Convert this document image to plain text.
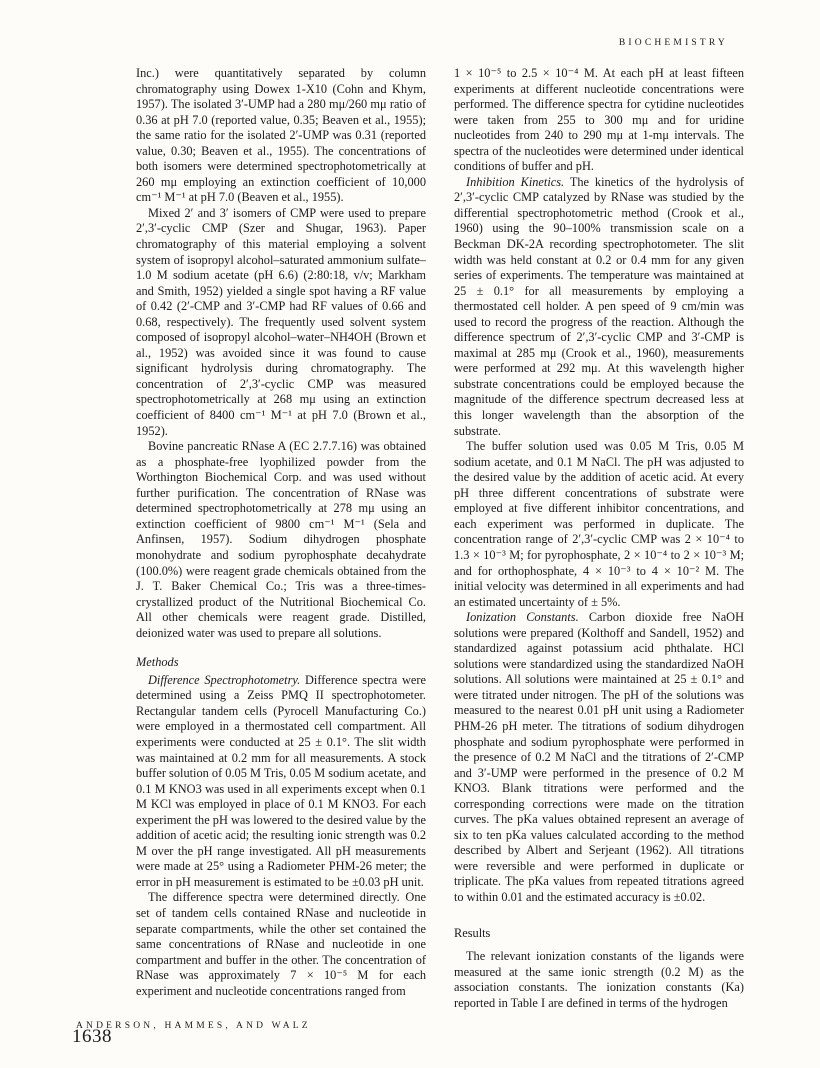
BIOCHEMISTRY

Inc.) were quantitatively separated by column chromatography using Dowex 1-X10 (Cohn and Khym, 1957). The isolated 3′-UMP had a 280 mμ/260 mμ ratio of 0.36 at pH 7.0 (reported value, 0.35; Beaven et al., 1955); the same ratio for the isolated 2′-UMP was 0.31 (reported value, 0.30; Beaven et al., 1955). The concentrations of both isomers were determined spectrophotometrically at 260 mμ employing an extinction coefficient of 10,000 cm⁻¹ M⁻¹ at pH 7.0 (Beaven et al., 1955).

Mixed 2′ and 3′ isomers of CMP were used to prepare 2′,3′-cyclic CMP (Szer and Shugar, 1963). Paper chromatography of this material employing a solvent system of isopropyl alcohol–saturated ammonium sulfate–1.0 M sodium acetate (pH 6.6) (2:80:18, v/v; Markham and Smith, 1952) yielded a single spot having a RF value of 0.42 (2′-CMP and 3′-CMP had RF values of 0.66 and 0.68, respectively). The frequently used solvent system composed of isopropyl alcohol–water–NH4OH (Brown et al., 1952) was avoided since it was found to cause significant hydrolysis during chromatography. The concentration of 2′,3′-cyclic CMP was measured spectrophotometrically at 268 mμ using an extinction coefficient of 8400 cm⁻¹ M⁻¹ at pH 7.0 (Brown et al., 1952).

Bovine pancreatic RNase A (EC 2.7.7.16) was obtained as a phosphate-free lyophilized powder from the Worthington Biochemical Corp. and was used without further purification. The concentration of RNase was determined spectrophotometrically at 278 mμ using an extinction coefficient of 9800 cm⁻¹ M⁻¹ (Sela and Anfinsen, 1957). Sodium dihydrogen phosphate monohydrate and sodium pyrophosphate decahydrate (100.0%) were reagent grade chemicals obtained from the J. T. Baker Chemical Co.; Tris was a three-times-crystallized product of the Nutritional Biochemical Co. All other chemicals were reagent grade. Distilled, deionized water was used to prepare all solutions.

Methods

Difference Spectrophotometry. Difference spectra were determined using a Zeiss PMQ II spectrophotometer. Rectangular tandem cells (Pyrocell Manufacturing Co.) were employed in a thermostated cell compartment. All experiments were conducted at 25 ± 0.1°. The slit width was maintained at 0.2 mm for all measurements. A stock buffer solution of 0.05 M Tris, 0.05 M sodium acetate, and 0.1 M KNO3 was used in all experiments except when 0.1 M KCl was employed in place of 0.1 M KNO3. For each experiment the pH was lowered to the desired value by the addition of acetic acid; the resulting ionic strength was 0.2 M over the pH range investigated. All pH measurements were made at 25° using a Radiometer PHM-26 meter; the error in pH measurement is estimated to be ±0.03 pH unit.

The difference spectra were determined directly. One set of tandem cells contained RNase and nucleotide in separate compartments, while the other set contained the same concentrations of RNase and nucleotide in one compartment and buffer in the other. The concentration of RNase was approximately 7 × 10⁻⁵ M for each experiment and nucleotide concentrations ranged from

1 × 10⁻⁵ to 2.5 × 10⁻⁴ M. At each pH at least fifteen experiments at different nucleotide concentrations were performed. The difference spectra for cytidine nucleotides were taken from 255 to 300 mμ and for uridine nucleotides from 240 to 290 mμ at 1-mμ intervals. The spectra of the nucleotides were determined under identical conditions of buffer and pH.

Inhibition Kinetics. The kinetics of the hydrolysis of 2′,3′-cyclic CMP catalyzed by RNase was studied by the differential spectrophotometric method (Crook et al., 1960) using the 90–100% transmission scale on a Beckman DK-2A recording spectrophotometer. The slit width was held constant at 0.2 or 0.4 mm for any given series of experiments. The temperature was maintained at 25 ± 0.1° for all measurements by employing a thermostated cell holder. A pen speed of 9 cm/min was used to record the progress of the reaction. Although the difference spectrum of 2′,3′-cyclic CMP and 3′-CMP is maximal at 285 mμ (Crook et al., 1960), measurements were performed at 292 mμ. At this wavelength higher substrate concentrations could be employed because the magnitude of the difference spectrum decreased less at this longer wavelength than the absorption of the substrate.

The buffer solution used was 0.05 M Tris, 0.05 M sodium acetate, and 0.1 M NaCl. The pH was adjusted to the desired value by the addition of acetic acid. At every pH three different concentrations of substrate were employed at five different inhibitor concentrations, and each experiment was performed in duplicate. The concentration range of 2′,3′-cyclic CMP was 2 × 10⁻⁴ to 1.3 × 10⁻³ M; for pyrophosphate, 2 × 10⁻⁴ to 2 × 10⁻³ M; and for orthophosphate, 4 × 10⁻³ to 4 × 10⁻² M. The initial velocity was determined in all experiments and had an estimated uncertainty of ± 5%.

Ionization Constants. Carbon dioxide free NaOH solutions were prepared (Kolthoff and Sandell, 1952) and standardized against potassium acid phthalate. HCl solutions were standardized using the standardized NaOH solutions. All solutions were maintained at 25 ± 0.1° and were titrated under nitrogen. The pH of the solutions was measured to the nearest 0.01 pH unit using a Radiometer PHM-26 pH meter. The titrations of sodium dihydrogen phosphate and sodium pyrophosphate were performed in the presence of 0.2 M NaCl and the titrations of 2′-CMP and 3′-UMP were performed in the presence of 0.2 M KNO3. Blank titrations were performed and the corresponding corrections were made on the titration curves. The pKa values obtained represent an average of six to ten pKa values calculated according to the method described by Albert and Serjeant (1962). All titrations were reversible and were performed in duplicate or triplicate. The pKa values from repeated titrations agreed to within 0.01 and the estimated accuracy is ±0.02.

Results

The relevant ionization constants of the ligands were measured at the same ionic strength (0.2 M) as the association constants. The ionization constants (Ka) reported in Table I are defined in terms of the hydrogen

1638
ANDERSON, HAMMES, AND WALZ
